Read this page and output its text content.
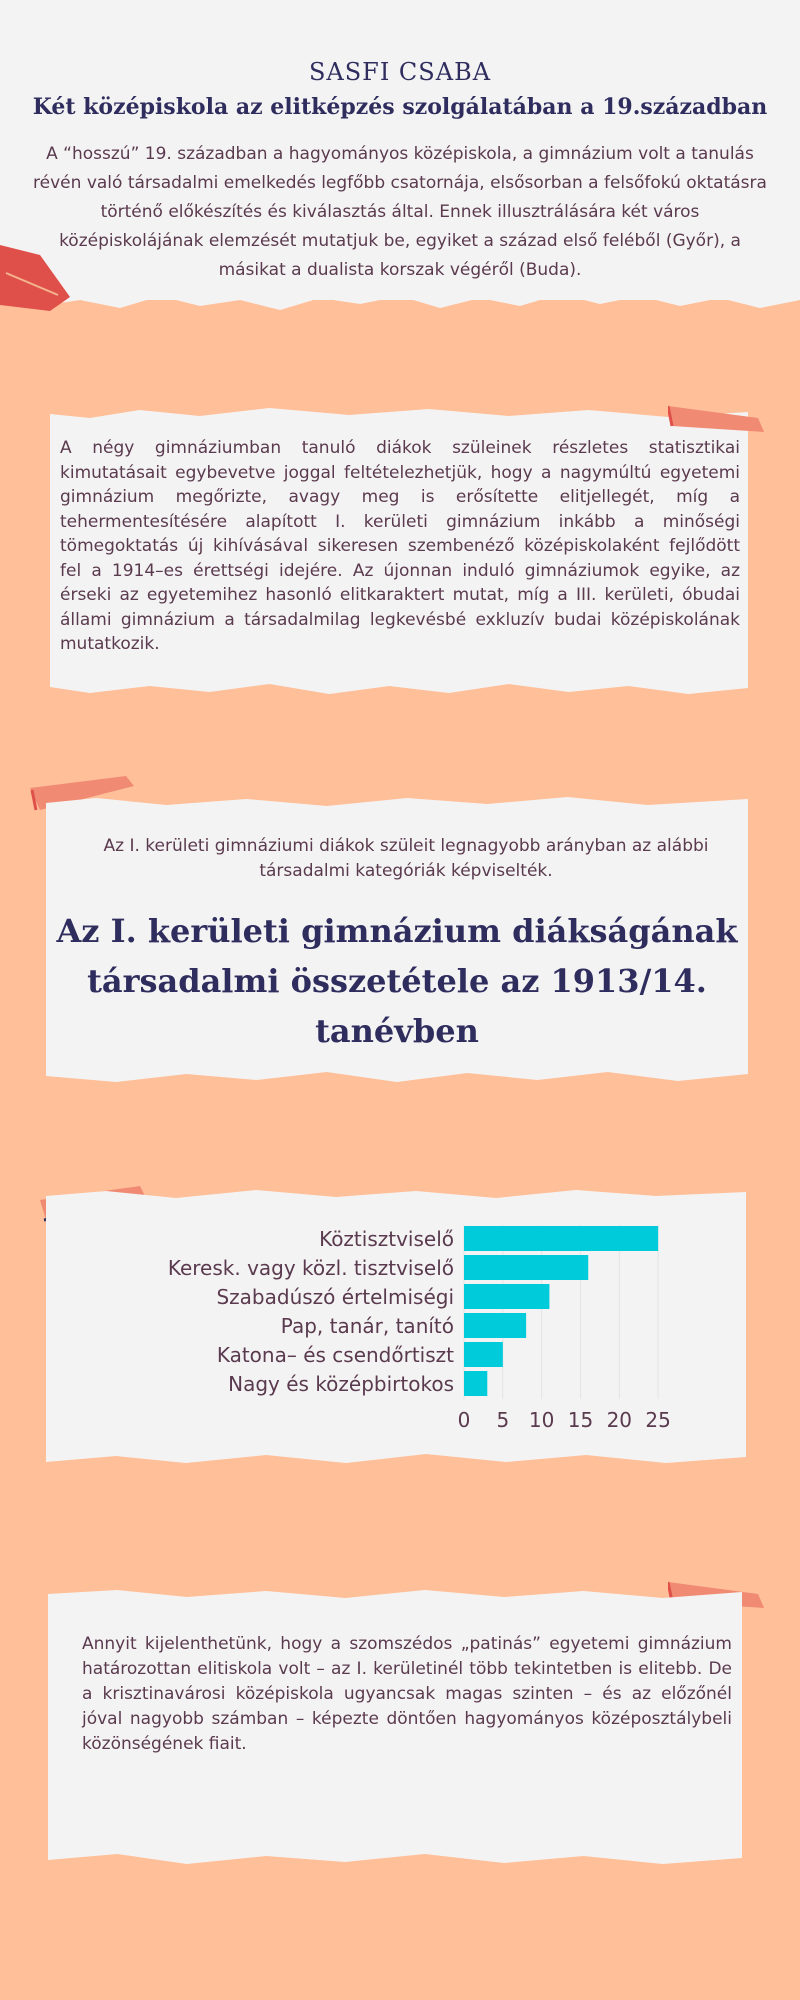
SASFI CSABA
Két középiskola az elitképzés szolgálatában a 19.században
A “hosszú” 19. században a hagyományos középiskola, a gimnázium volt a tanulás révén való társadalmi emelkedés legfőbb csatornája, elsősorban a felsőfokú oktatásra történő előkészítés és kiválasztás által. Ennek illusztrálására két város középiskolájának elemzését mutatjuk be, egyiket a század első feléből (Győr), a másikat a dualista korszak végéről (Buda).

A négy gimnáziumban tanuló diákok szüleinek részletes statisztikai kimutatásait egybevetve joggal feltételezhetjük, hogy a nagymúltú egyetemi gimnázium megőrizte, avagy meg is erősítette elitjellegét, míg a tehermentesítésére alapított I. kerületi gimnázium inkább a minőségi tömegoktatás új kihívásával sikeresen szembenéző középiskolaként fejlődött fel a 1914–es érettségi idejére. Az újonnan induló gimnáziumok egyike, az érseki az egyetemihez hasonló elitkaraktert mutat, míg a III. kerületi, óbudai állami gimnázium a társadalmilag legkevésbé exkluzív budai középiskolának mutatkozik.

Az I. kerületi gimnáziumi diákok szüleit legnagyobb arányban az alábbi társadalmi kategóriák képviselték.
Az I. kerületi gimnázium diákságának társadalmi összetétele az 1913/14. tanévben
Köztisztviselő
Keresk. vagy közl. tisztviselő
Szabadúszó értelmiségi
Pap, tanár, tanító
Katona– és csendőrtiszt
Nagy és középbirtokos
0 5 10 15 20 25

Annyit kijelenthetünk, hogy a szomszédos „patinás” egyetemi gimnázium határozottan elitiskola volt – az I. kerületinél több tekintetben is elitebb. De a krisztinavárosi középiskola ugyancsak magas szinten – és az előzőnél jóval nagyobb számban – képezte döntően hagyományos középosztálybeli közönségének fiait.
